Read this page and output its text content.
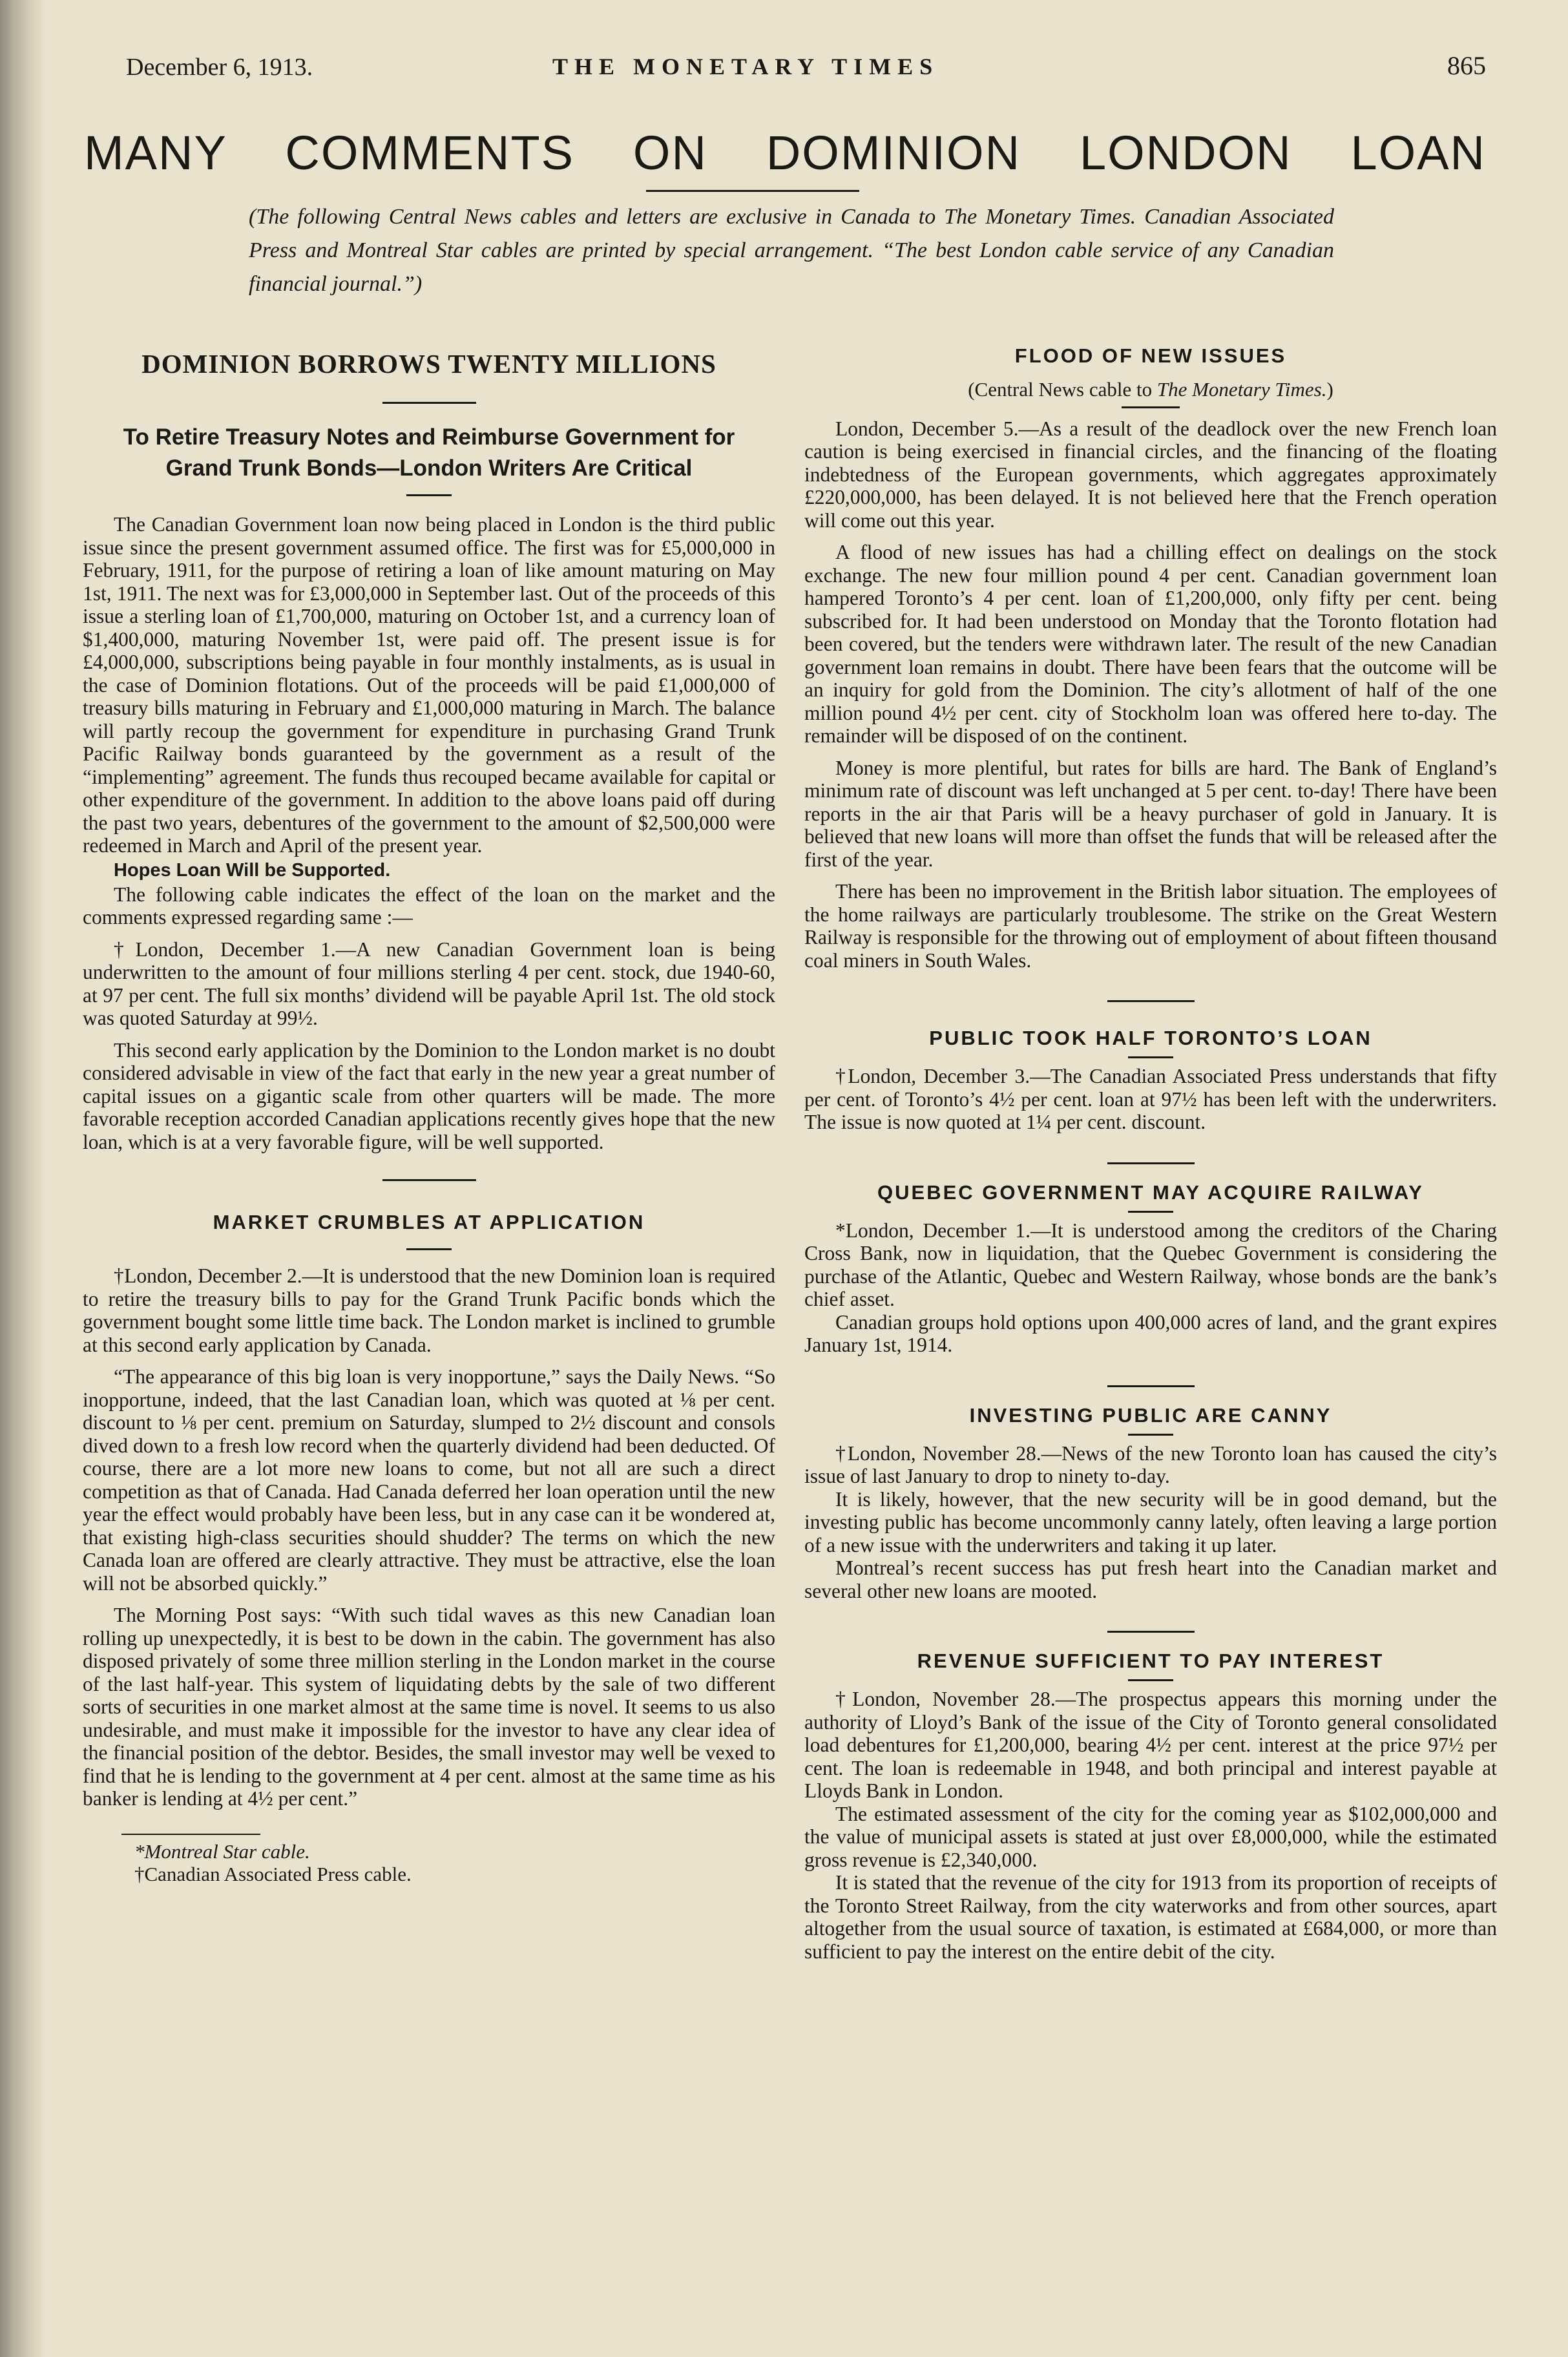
December 6, 1913.	THE MONETARY TIMES	865
MANY COMMENTS ON DOMINION LONDON LOAN
(The following Central News cables and letters are exclusive in Canada to The Monetary Times. Canadian Associated Press and Montreal Star cables are printed by special arrangement. “The best London cable service of any Canadian financial journal.”)
DOMINION BORROWS TWENTY MILLIONS
To Retire Treasury Notes and Reimburse Government for
Grand Trunk Bonds—London Writers Are Critical

The Canadian Government loan now being placed in London is the third public issue since the present government assumed office. The first was for £5,000,000 in February, 1911, for the purpose of retiring a loan of like amount maturing on May 1st, 1911. The next was for £3,000,000 in September last. Out of the proceeds of this issue a sterling loan of £1,700,000, maturing on October 1st, and a currency loan of $1,400,000, maturing November 1st, were paid off. The present issue is for £4,000,000, subscriptions being payable in four monthly instalments, as is usual in the case of Dominion flotations. Out of the proceeds will be paid £1,000,000 of treasury bills maturing in February and £1,000,000 maturing in March. The balance will partly recoup the government for expenditure in purchasing Grand Trunk Pacific Railway bonds guaranteed by the government as a result of the “implementing” agreement. The funds thus recouped became available for capital or other expenditure of the government. In addition to the above loans paid off during the past two years, debentures of the government to the amount of $2,500,000 were redeemed in March and April of the present year.

Hopes Loan Will be Supported.

The following cable indicates the effect of the loan on the market and the comments expressed regarding same :—

†London, December 1.—A new Canadian Government loan is being underwritten to the amount of four millions sterling 4 per cent. stock, due 1940-60, at 97 per cent. The full six months’ dividend will be payable April 1st. The old stock was quoted Saturday at 99½.

This second early application by the Dominion to the London market is no doubt considered advisable in view of the fact that early in the new year a great number of capital issues on a gigantic scale from other quarters will be made. The more favorable reception accorded Canadian applications recently gives hope that the new loan, which is at a very favorable figure, will be well supported.

MARKET CRUMBLES AT APPLICATION

†London, December 2.—It is understood that the new Dominion loan is required to retire the treasury bills to pay for the Grand Trunk Pacific bonds which the government bought some little time back. The London market is inclined to grumble at this second early application by Canada.

“The appearance of this big loan is very inopportune,” says the Daily News. “So inopportune, indeed, that the last Canadian loan, which was quoted at ⅛ per cent. discount to ⅛ per cent. premium on Saturday, slumped to 2½ discount and consols dived down to a fresh low record when the quarterly dividend had been deducted. Of course, there are a lot more new loans to come, but not all are such a direct competition as that of Canada. Had Canada deferred her loan operation until the new year the effect would probably have been less, but in any case can it be wondered at, that existing high-class securities should shudder? The terms on which the new Canada loan are offered are clearly attractive. They must be attractive, else the loan will not be absorbed quickly.”

The Morning Post says: “With such tidal waves as this new Canadian loan rolling up unexpectedly, it is best to be down in the cabin. The government has also disposed privately of some three million sterling in the London market in the course of the last half-year. This system of liquidating debts by the sale of two different sorts of securities in one market almost at the same time is novel. It seems to us also undesirable, and must make it impossible for the investor to have any clear idea of the financial position of the debtor. Besides, the small investor may well be vexed to find that he is lending to the government at 4 per cent. almost at the same time as his banker is lending at 4½ per cent.”

*Montreal Star cable.
†Canadian Associated Press cable.
FLOOD OF NEW ISSUES

(Central News cable to The Monetary Times.)

London, December 5.—As a result of the deadlock over the new French loan caution is being exercised in financial circles, and the financing of the floating indebtedness of the European governments, which aggregates approximately £220,000,000, has been delayed. It is not believed here that the French operation will come out this year.

A flood of new issues has had a chilling effect on dealings on the stock exchange. The new four million pound 4 per cent. Canadian government loan hampered Toronto’s 4 per cent. loan of £1,200,000, only fifty per cent. being subscribed for. It had been understood on Monday that the Toronto flotation had been covered, but the tenders were withdrawn later. The result of the new Canadian government loan remains in doubt. There have been fears that the outcome will be an inquiry for gold from the Dominion. The city’s allotment of half of the one million pound 4½ per cent. city of Stockholm loan was offered here to-day. The remainder will be disposed of on the continent.

Money is more plentiful, but rates for bills are hard. The Bank of England’s minimum rate of discount was left unchanged at 5 per cent. to-day! There have been reports in the air that Paris will be a heavy purchaser of gold in January. It is believed that new loans will more than offset the funds that will be released after the first of the year.

There has been no improvement in the British labor situation. The employees of the home railways are particularly troublesome. The strike on the Great Western Railway is responsible for the throwing out of employment of about fifteen thousand coal miners in South Wales.

PUBLIC TOOK HALF TORONTO’S LOAN

†London, December 3.—The Canadian Associated Press understands that fifty per cent. of Toronto’s 4½ per cent. loan at 97½ has been left with the underwriters. The issue is now quoted at 1¼ per cent. discount.

QUEBEC GOVERNMENT MAY ACQUIRE RAILWAY

*London, December 1.—It is understood among the creditors of the Charing Cross Bank, now in liquidation, that the Quebec Government is considering the purchase of the Atlantic, Quebec and Western Railway, whose bonds are the bank’s chief asset.

Canadian groups hold options upon 400,000 acres of land, and the grant expires January 1st, 1914.

INVESTING PUBLIC ARE CANNY

†London, November 28.—News of the new Toronto loan has caused the city’s issue of last January to drop to ninety to-day.

It is likely, however, that the new security will be in good demand, but the investing public has become uncommonly canny lately, often leaving a large portion of a new issue with the underwriters and taking it up later.

Montreal’s recent success has put fresh heart into the Canadian market and several other new loans are mooted.

REVENUE SUFFICIENT TO PAY INTEREST

†London, November 28.—The prospectus appears this morning under the authority of Lloyd’s Bank of the issue of the City of Toronto general consolidated load debentures for £1,200,000, bearing 4½ per cent. interest at the price 97½ per cent. The loan is redeemable in 1948, and both principal and interest payable at Lloyds Bank in London.

The estimated assessment of the city for the coming year as $102,000,000 and the value of municipal assets is stated at just over £8,000,000, while the estimated gross revenue is £2,340,000.

It is stated that the revenue of the city for 1913 from its proportion of receipts of the Toronto Street Railway, from the city waterworks and from other sources, apart altogether from the usual source of taxation, is estimated at £684,000, or more than sufficient to pay the interest on the entire debit of the city.
